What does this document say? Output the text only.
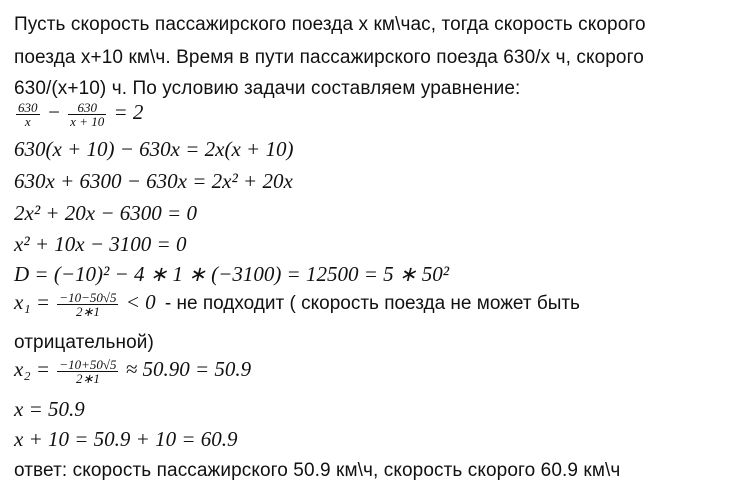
Пусть скорость пассажирского поезда х км\час, тогда скорость скорого
поезда х+10 км\ч. Время в пути пассажирского поезда 630/х ч, скорого
630/(х+10) ч. По условию задачи составляем уравнение:
$\frac{630}{x} - \frac{630}{x + 10} = 2$
630(x + 10) − 630x = 2x(x + 10)
630x + 6300 − 630x = 2x² + 20x
2x² + 20x − 6300 = 0
x² + 10x − 3100 = 0
D = (−10)² − 4 ∗ 1 ∗ (−3100) = 12500 = 5 ∗ 50²
$x_1 = \frac{-10-50√5}{2∗1} < 0$ - не подходит ( скорость поезда не может быть
отрицательной)
$x_2 = \frac{-10+50√5}{2∗1} \approx 50.90 = 50.9$
x = 50.9
x + 10 = 50.9 + 10 = 60.9
ответ: скорость пассажирского 50.9 км\ч, скорость скорого 60.9 км\ч
